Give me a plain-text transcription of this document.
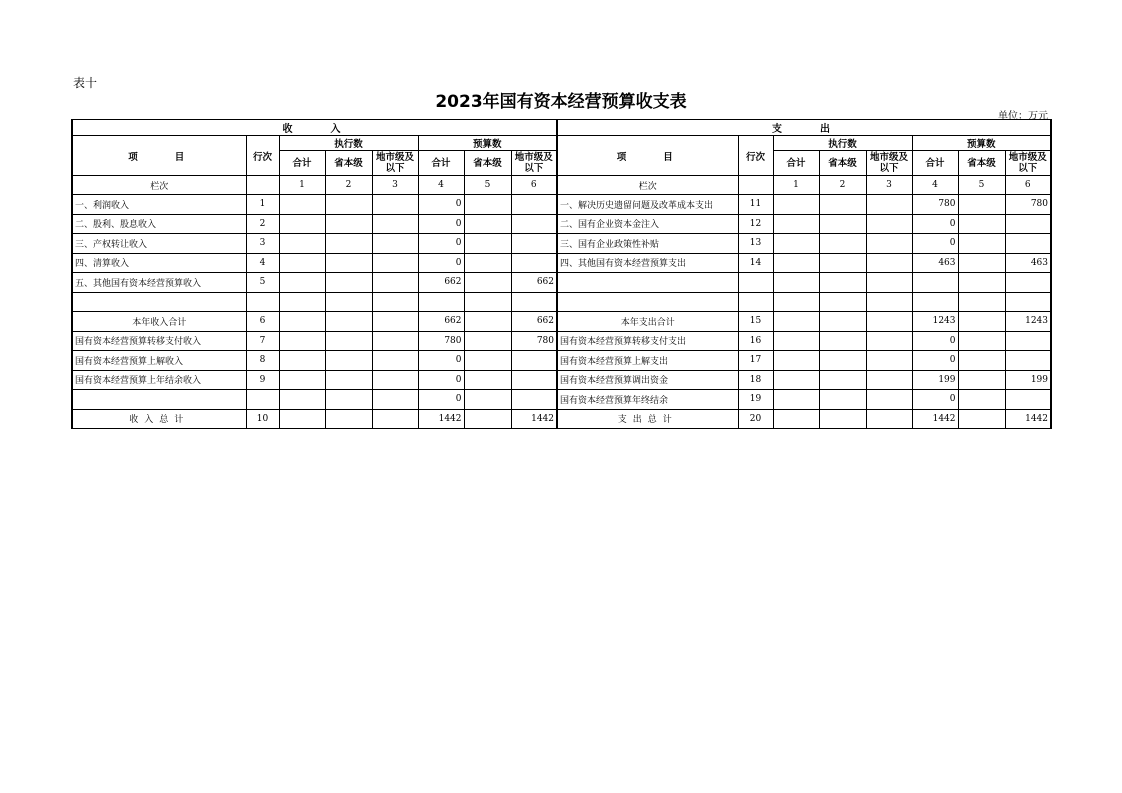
表十
2023年国有资本经营预算收支表
单位：万元
收　　入								支　　出							
项　　目	行次	执行数			预算数			项　　目	行次	执行数			预算数		
		合计	省本级	地市级及以下	合计	省本级	地市级及以下			合计	省本级	地市级及以下	合计	省本级	地市级及以下
栏次		1	2	3	4	5	6	栏次		1	2	3	4	5	6
一、利润收入	1				0			一、解决历史遗留问题及改革成本支出	11				780		780
二、股利、股息收入	2				0			二、国有企业资本金注入	12				0		
三、产权转让收入	3				0			三、国有企业政策性补贴	13				0		
四、清算收入	4				0			四、其他国有资本经营预算支出	14				463		463
五、其他国有资本经营预算收入	5				662		662								

本年收入合计	6				662		662	本年支出合计	15				1243		1243
国有资本经营预算转移支付收入	7				780		780	国有资本经营预算转移支付支出	16				0		
国有资本经营预算上解收入	8				0			国有资本经营预算上解支出	17				0		
国有资本经营预算上年结余收入	9				0			国有资本经营预算调出资金	18				199		199
					0			国有资本经营预算年终结余	19				0		
收入总计	10				1442		1442	支出总计	20				1442		1442
